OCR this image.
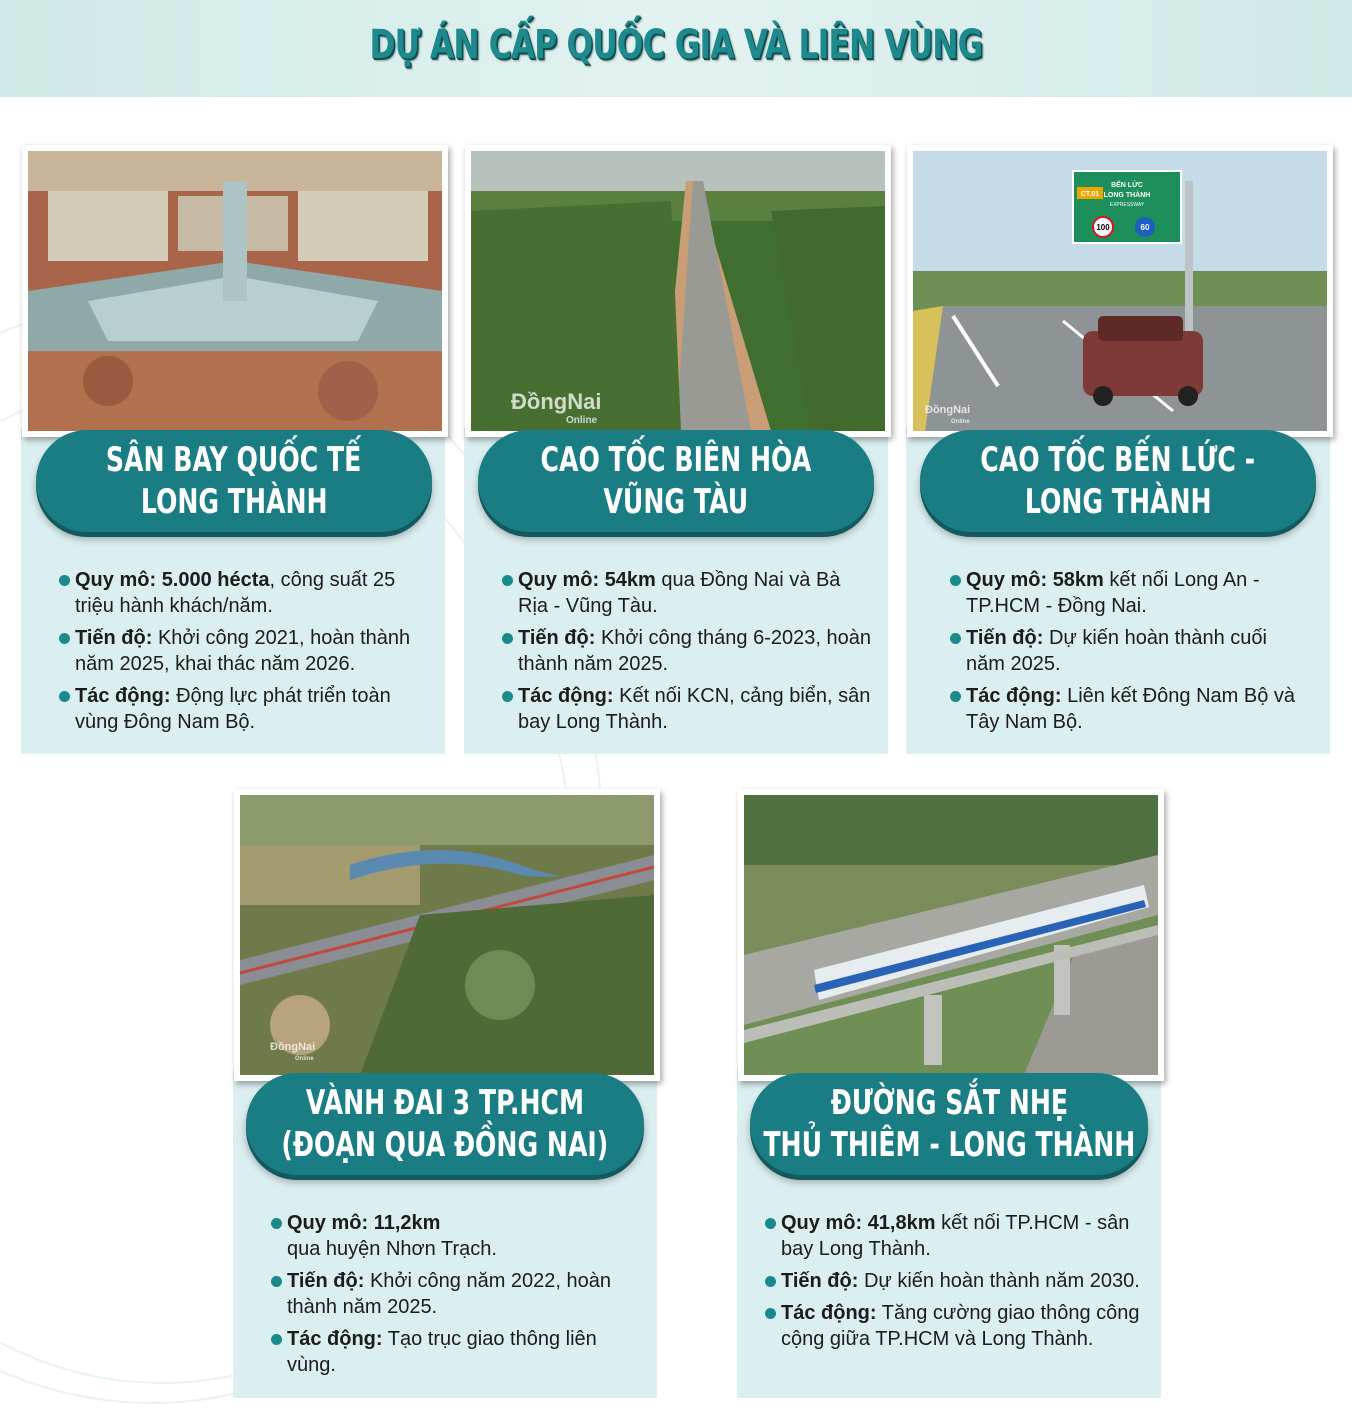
DỰ ÁN CẤP QUỐC GIA VÀ LIÊN VÙNG
SÂN BAY QUỐC TẾ
LONG THÀNH
Quy mô: 5.000 hécta, công suất 25 triệu hành khách/năm.
Tiến độ: Khởi công 2021, hoàn thành năm 2025, khai thác năm 2026.
Tác động: Động lực phát triển toàn vùng Đông Nam Bộ.
ĐồngNai
Online
CAO TỐC BIÊN HÒA
VŨNG TÀU
Quy mô: 54km qua Đồng Nai và Bà Rịa - Vũng Tàu.
Tiến độ: Khởi công tháng 6-2023, hoàn thành năm 2025.
Tác động: Kết nối KCN, cảng biển, sân bay Long Thành.
BẾN LỨC
LONG THÀNH
EXPRESSWAY
CT.01
100	60
ĐồngNai
Online
CAO TỐC BẾN LỨC -
LONG THÀNH
Quy mô: 58km kết nối Long An - TP.HCM - Đồng Nai.
Tiến độ: Dự kiến hoàn thành cuối năm 2025.
Tác động: Liên kết Đông Nam Bộ và Tây Nam Bộ.
ĐồngNai
Online
VÀNH ĐAI 3 TP.HCM
(ĐOẠN QUA ĐỒNG NAI)
Quy mô: 11,2km
qua huyện Nhơn Trạch.
Tiến độ: Khởi công năm 2022, hoàn thành năm 2025.
Tác động: Tạo trục giao thông liên vùng.
ĐƯỜNG SẮT NHẸ
THỦ THIÊM - LONG THÀNH
Quy mô: 41,8km kết nối TP.HCM - sân bay Long Thành.
Tiến độ: Dự kiến hoàn thành năm 2030.
Tác động: Tăng cường giao thông công cộng giữa TP.HCM và Long Thành.
